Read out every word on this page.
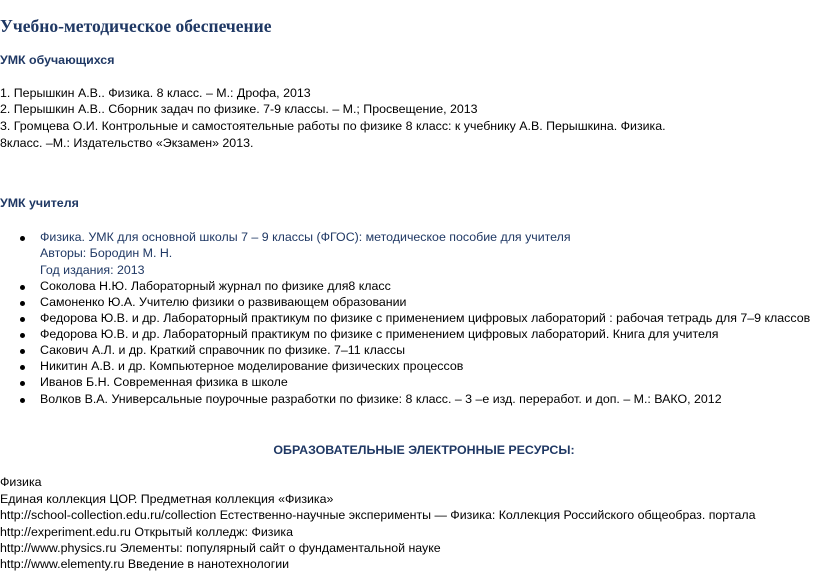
Учебно-методическое обеспечение
УМК обучающихся
1. Перышкин А.В.. Физика. 8 класс. – М.: Дрофа, 2013
2. Перышкин А.В.. Сборник задач по физике. 7-9 классы. – М.; Просвещение, 2013
3. Громцева О.И. Контрольные и самостоятельные работы по физике 8 класс: к учебнику А.В. Перышкина. Физика.
8класс. –М.: Издательство «Экзамен» 2013.
УМК учителя
Физика. УМК для основной школы 7 – 9 классы (ФГОС): методическое пособие для учителя
Авторы: Бородин М. Н.
Год издания: 2013
Соколова Н.Ю. Лабораторный журнал по физике для8 класс
Самоненко Ю.А. Учителю физики о развивающем образовании
Федорова Ю.В. и др. Лабораторный практикум по физике с применением цифровых лабораторий : рабочая тетрадь для 7–9 классов
Федорова Ю.В. и др. Лабораторный практикум по физике с применением цифровых лабораторий. Книга для учителя
Сакович А.Л. и др. Краткий справочник по физике. 7–11 классы
Никитин А.В. и др. Компьютерное моделирование физических процессов
Иванов Б.Н. Современная физика в школе
Волков В.А. Универсальные поурочные разработки по физике: 8 класс. – 3 –е изд. переработ. и доп. – М.: ВАКО, 2012
ОБРАЗОВАТЕЛЬНЫЕ ЭЛЕКТРОННЫЕ РЕСУРСЫ:
Физика
Единая коллекция ЦОР. Предметная коллекция «Физика»
http://school-collection.edu.ru/collection Естественно-научные эксперименты — Физика: Коллекция Российского общеобраз. портала
http://experiment.edu.ru Открытый колледж: Физика
http://www.physics.ru Элементы: популярный сайт о фундаментальной науке
http://www.elementy.ru Введение в нанотехнологии
